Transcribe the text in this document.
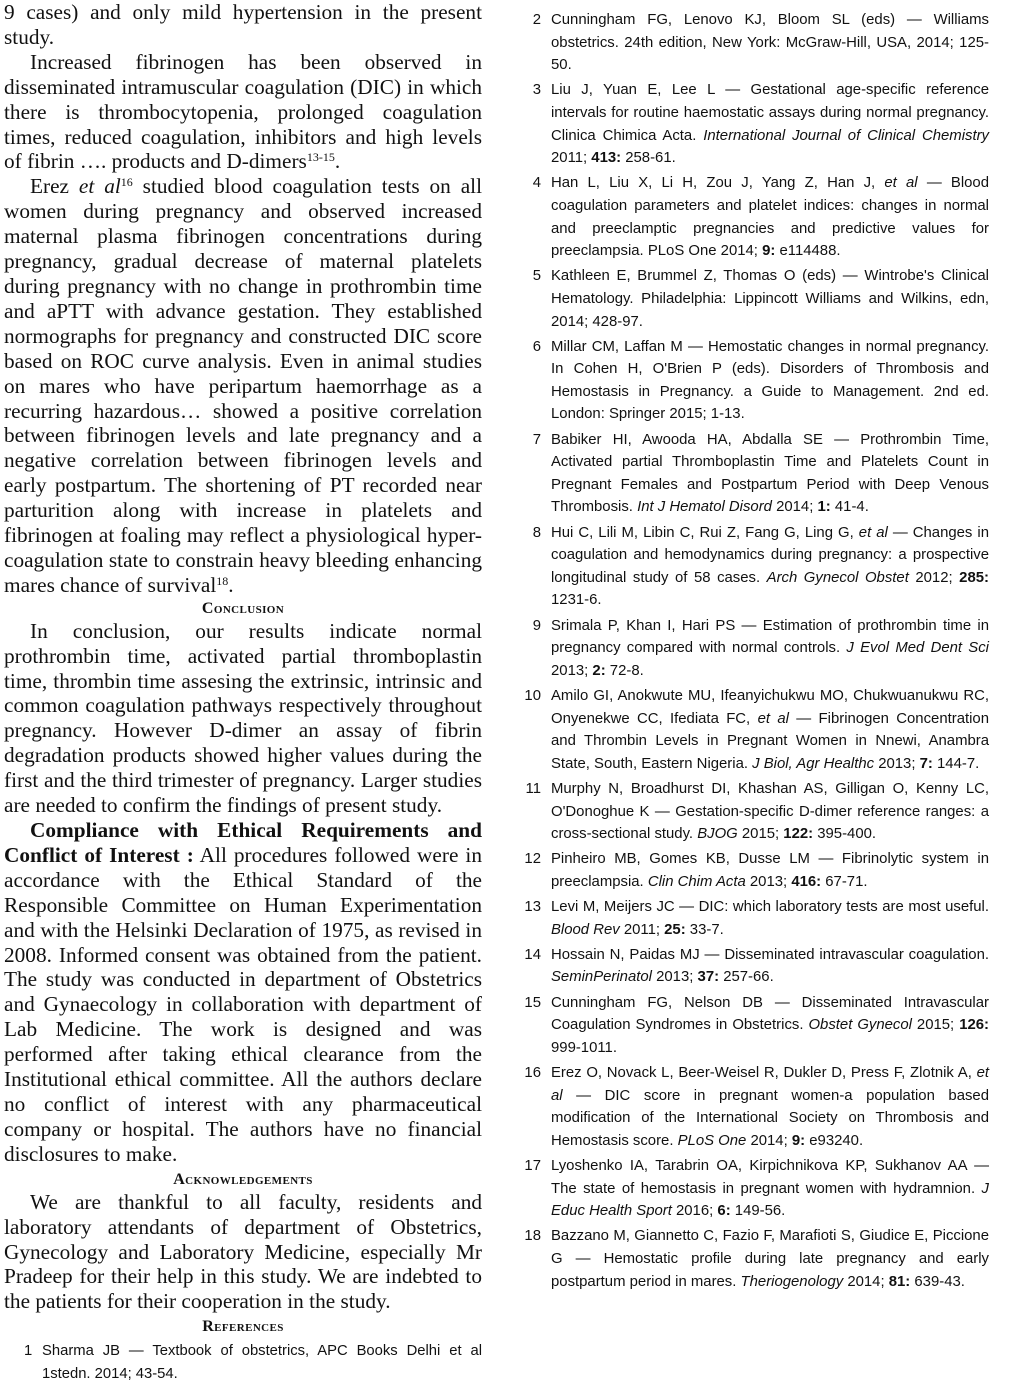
9 cases) and only mild hypertension in the present study.

Increased fibrinogen has been observed in disseminated intramuscular coagulation (DIC) in which there is thrombocytopenia, prolonged coagulation times, reduced coagulation, inhibitors and high levels of fibrin …. products and D-dimers$^{13-15}$.

Erez et $al^{16}$ studied blood coagulation tests on all women during pregnancy and observed increased maternal plasma fibrinogen concentrations during pregnancy, gradual decrease of maternal platelets during pregnancy with no change in prothrombin time and aPTT with advance gestation. They established normographs for pregnancy and constructed DIC score based on ROC curve analysis. Even in animal studies on mares who have peripartum haemorrhage as a recurring hazardous… showed a positive correlation between fibrinogen levels and late pregnancy and a negative correlation between fibrinogen levels and early postpartum. The shortening of PT recorded near parturition along with increase in platelets and fibrinogen at foaling may reflect a physiological hyper-coagulation state to constrain heavy bleeding enhancing mares chance of survival$^{18}$.

Conclusion

In conclusion, our results indicate normal prothrombin time, activated partial thromboplastin time, thrombin time assesing the extrinsic, intrinsic and common coagulation pathways respectively throughout pregnancy. However D-dimer an assay of fibrin degradation products showed higher values during the first and the third trimester of pregnancy. Larger studies are needed to confirm the findings of present study.

Compliance with Ethical Requirements and Conflict of Interest : All procedures followed were in accordance with the Ethical Standard of the Responsible Committee on Human Experimentation and with the Helsinki Declaration of 1975, as revised in 2008. Informed consent was obtained from the patient. The study was conducted in department of Obstetrics and Gynaecology in collaboration with department of Lab Medicine. The work is designed and was performed after taking ethical clearance from the Institutional ethical committee. All the authors declare no conflict of interest with any pharmaceutical company or hospital. The authors have no financial disclosures to make.

Acknowledgements

We are thankful to all faculty, residents and laboratory attendants of department of Obstetrics, Gynecology and Laboratory Medicine, especially Mr Pradeep for their help in this study. We are indebted to the patients for their cooperation in the study.

References
1 Sharma JB — Textbook of obstetrics, APC Books Delhi et al 1stedn. 2014; 43-54.
2 Cunningham FG, Lenovo KJ, Bloom SL (eds) — Williams obstetrics. 24th edition, New York: McGraw-Hill, USA, 2014; 125-50.
3 Liu J, Yuan E, Lee L — Gestational age-specific reference intervals for routine haemostatic assays during normal pregnancy. Clinica Chimica Acta. International Journal of Clinical Chemistry 2011; 413: 258-61.
4 Han L, Liu X, Li H, Zou J, Yang Z, Han J, et al — Blood coagulation parameters and platelet indices: changes in normal and preeclamptic pregnancies and predictive values for preeclampsia. PLoS One 2014; 9: e114488.
5 Kathleen E, Brummel Z, Thomas O (eds) — Wintrobe's Clinical Hematology. Philadelphia: Lippincott Williams and Wilkins, edn, 2014; 428-97.
6 Millar CM, Laffan M — Hemostatic changes in normal pregnancy. In Cohen H, O'Brien P (eds). Disorders of Thrombosis and Hemostasis in Pregnancy. a Guide to Management. 2nd ed. London: Springer 2015; 1-13.
7 Babiker HI, Awooda HA, Abdalla SE — Prothrombin Time, Activated partial Thromboplastin Time and Platelets Count in Pregnant Females and Postpartum Period with Deep Venous Thrombosis. Int J Hematol Disord 2014; 1: 41-4.
8 Hui C, Lili M, Libin C, Rui Z, Fang G, Ling G, et al — Changes in coagulation and hemodynamics during pregnancy: a prospective longitudinal study of 58 cases. Arch Gynecol Obstet 2012; 285: 1231-6.
9 Srimala P, Khan I, Hari PS — Estimation of prothrombin time in pregnancy compared with normal controls. J Evol Med Dent Sci 2013; 2: 72-8.
10 Amilo GI, Anokwute MU, Ifeanyichukwu MO, Chukwuanukwu RC, Onyenekwe CC, Ifediata FC, et al — Fibrinogen Concentration and Thrombin Levels in Pregnant Women in Nnewi, Anambra State, South, Eastern Nigeria. J Biol, Agr Healthc 2013; 7: 144-7.
11 Murphy N, Broadhurst DI, Khashan AS, Gilligan O, Kenny LC, O'Donoghue K — Gestation-specific D-dimer reference ranges: a cross-sectional study. BJOG 2015; 122: 395-400.
12 Pinheiro MB, Gomes KB, Dusse LM — Fibrinolytic system in preeclampsia. Clin Chim Acta 2013; 416: 67-71.
13 Levi M, Meijers JC — DIC: which laboratory tests are most useful. Blood Rev 2011; 25: 33-7.
14 Hossain N, Paidas MJ — Disseminated intravascular coagulation. SeminPerinatol 2013; 37: 257-66.
15 Cunningham FG, Nelson DB — Disseminated Intravascular Coagulation Syndromes in Obstetrics. Obstet Gynecol 2015; 126: 999-1011.
16 Erez O, Novack L, Beer-Weisel R, Dukler D, Press F, Zlotnik A, et al — DIC score in pregnant women-a population based modification of the International Society on Thrombosis and Hemostasis score. PLoS One 2014; 9: e93240.
17 Lyoshenko IA, Tarabrin OA, Kirpichnikova KP, Sukhanov AA — The state of hemostasis in pregnant women with hydramnion. J Educ Health Sport 2016; 6: 149-56.
18 Bazzano M, Giannetto C, Fazio F, Marafioti S, Giudice E, Piccione G — Hemostatic profile during late pregnancy and early postpartum period in mares. Theriogenology 2014; 81: 639-43.
